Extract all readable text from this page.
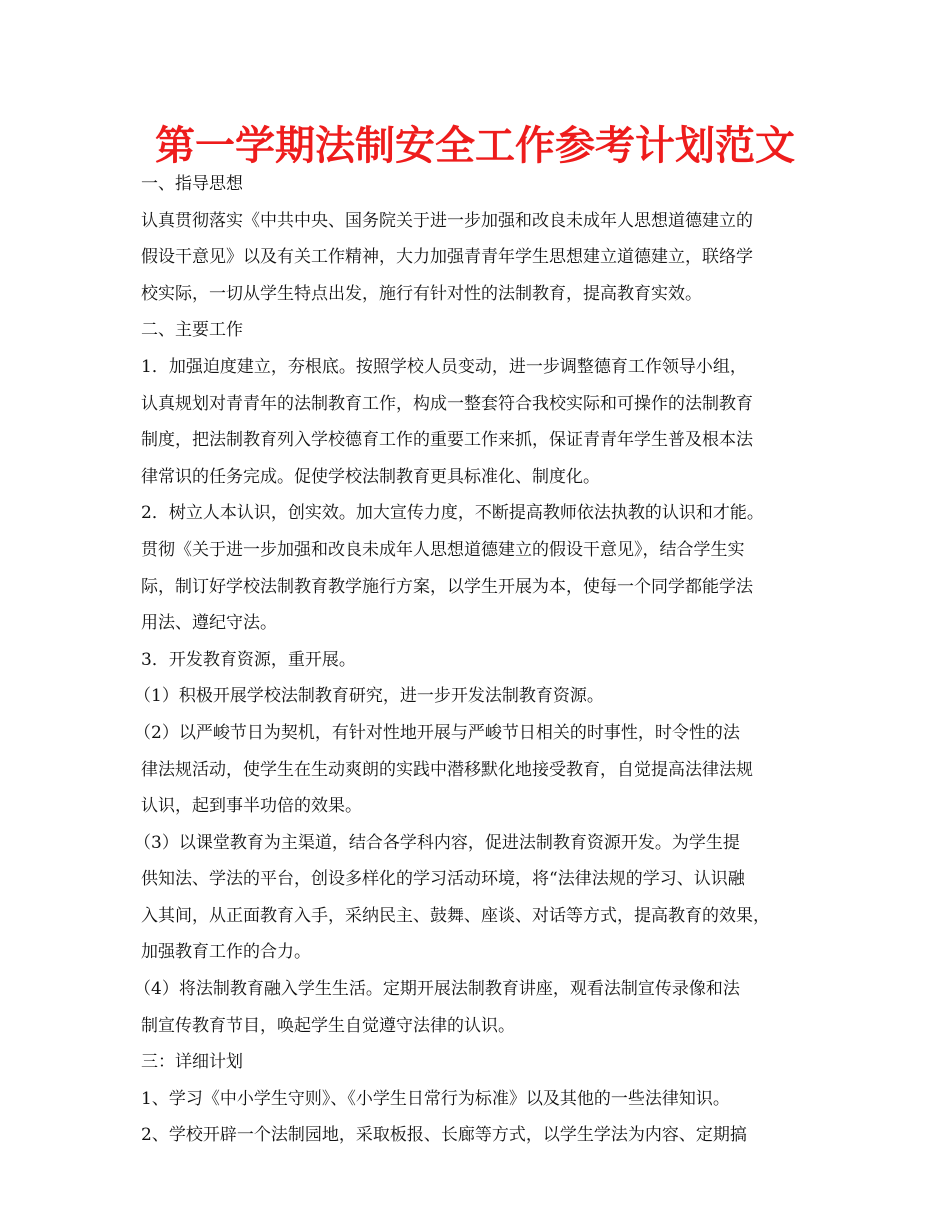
第一学期法制安全工作参考计划范文
一、指导思想
认真贯彻落实《中共中央、国务院关于进一步加强和改良未成年人思想道德建立的
假设干意见》以及有关工作精神，大力加强青青年学生思想建立道德建立，联络学
校实际，一切从学生特点出发，施行有针对性的法制教育，提高教育实效。
二、主要工作
1．加强迫度建立，夯根底。按照学校人员变动，进一步调整德育工作领导小组，
认真规划对青青年的法制教育工作，构成一整套符合我校实际和可操作的法制教育
制度，把法制教育列入学校德育工作的重要工作来抓，保证青青年学生普及根本法
律常识的任务完成。促使学校法制教育更具标准化、制度化。
2．树立人本认识，创实效。加大宣传力度，不断提高教师依法执教的认识和才能。
贯彻《关于进一步加强和改良未成年人思想道德建立的假设干意见》，结合学生实
际，制订好学校法制教育教学施行方案，以学生开展为本，使每一个同学都能学法
用法、遵纪守法。
3．开发教育资源，重开展。
（1）积极开展学校法制教育研究，进一步开发法制教育资源。
（2）以严峻节日为契机，有针对性地开展与严峻节日相关的时事性，时令性的法
律法规活动，使学生在生动爽朗的实践中潜移默化地接受教育，自觉提高法律法规
认识，起到事半功倍的效果。
（3）以课堂教育为主渠道，结合各学科内容，促进法制教育资源开发。为学生提
供知法、学法的平台，创设多样化的学习活动环境，将“法律法规的学习、认识融
入其间，从正面教育入手，采纳民主、鼓舞、座谈、对话等方式，提高教育的效果，
加强教育工作的合力。
（4）将法制教育融入学生生活。定期开展法制教育讲座，观看法制宣传录像和法
制宣传教育节目，唤起学生自觉遵守法律的认识。
三：详细计划
1、学习《中小学生守则》、《小学生日常行为标准》以及其他的一些法律知识。
2、学校开辟一个法制园地，采取板报、长廊等方式，以学生学法为内容、定期搞
